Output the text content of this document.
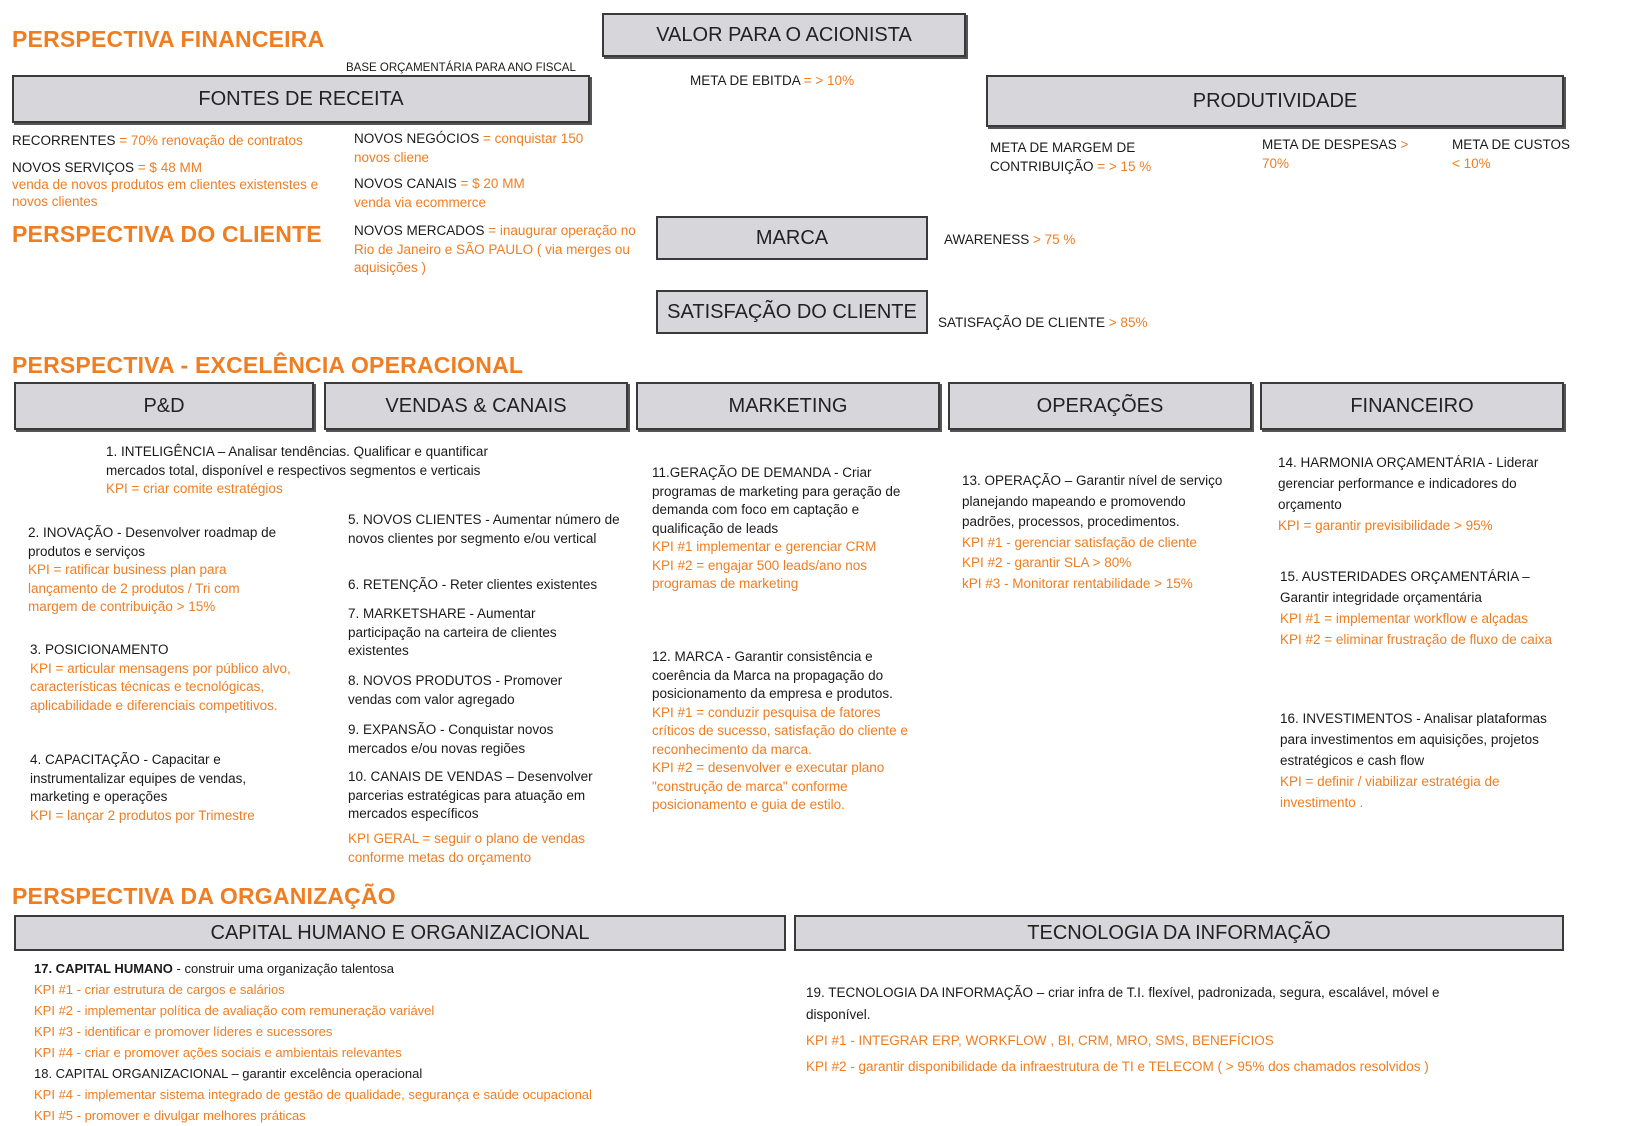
PERSPECTIVA FINANCEIRA	VALOR PARA O ACIONISTA
BASE ORÇAMENTÁRIA PARA ANO FISCAL
META DE EBITDA = > 10%
FONTES DE RECEITA	PRODUTIVIDADE
RECORRENTES = 70% renovação de contratos
NOVOS SERVIÇOS = $ 48 MM
venda de novos produtos em clientes existenstes e novos clientes
NOVOS NEGÓCIOS = conquistar 150 novos cliene
NOVOS CANAIS = $ 20 MM
venda via ecommerce
META DE MARGEM DE CONTRIBUIÇÃO = > 15 %
META DE DESPESAS > 70%
META DE CUSTOS < 10%
PERSPECTIVA DO CLIENTE NOVOS MERCADOS = inaugurar operação no Rio de Janeiro e SÃO PAULO ( via merges ou aquisições )
MARCA	AWARENESS > 75 %
SATISFAÇÃO DO CLIENTE	SATISFAÇÃO DE CLIENTE > 85%
PERSPECTIVA - EXCELÊNCIA OPERACIONAL
P&D	VENDAS & CANAIS	MARKETING	OPERAÇÕES	FINANCEIRO
1. INTELIGÊNCIA – Analisar tendências. Qualificar e quantificar mercados total, disponível e respectivos segmentos e verticais
KPI = criar comite estratégios
2. INOVAÇÃO - Desenvolver roadmap de produtos e serviços
KPI = ratificar business plan para lançamento de 2 produtos / Tri com margem de contribuição > 15%
3. POSICIONAMENTO
KPI = articular mensagens por público alvo, características técnicas e tecnológicas, aplicabilidade e diferenciais competitivos.
4. CAPACITAÇÃO - Capacitar e instrumentalizar equipes de vendas, marketing e operações
KPI = lançar 2 produtos por Trimestre
5. NOVOS CLIENTES - Aumentar número de novos clientes por segmento e/ou vertical
6. RETENÇÃO - Reter clientes existentes
7. MARKETSHARE - Aumentar participação na carteira de clientes existentes
8. NOVOS PRODUTOS - Promover vendas com valor agregado
9. EXPANSÃO - Conquistar novos mercados e/ou novas regiões
10. CANAIS DE VENDAS – Desenvolver parcerias estratégicas para atuação em mercados específicos
KPI GERAL = seguir o plano de vendas conforme metas do orçamento
11.GERAÇÃO DE DEMANDA - Criar programas de marketing para geração de demanda com foco em captação e qualificação de leads
KPI #1 implementar e gerenciar CRM
KPI #2 = engajar 500 leads/ano nos programas de marketing
12. MARCA - Garantir consistência e coerência da Marca na propagação do posicionamento da empresa e produtos.
KPI #1 = conduzir pesquisa de fatores críticos de sucesso, satisfação do cliente e reconhecimento da marca.
KPI #2 = desenvolver e executar plano "construção de marca" conforme posicionamento e guia de estilo.
13. OPERAÇÃO – Garantir nível de serviço planejando mapeando e promovendo padrões, processos, procedimentos.
KPI #1 - gerenciar satisfação de cliente
KPI #2 - garantir SLA > 80%
kPI #3 - Monitorar rentabilidade > 15%
14. HARMONIA ORÇAMENTÁRIA - Liderar gerenciar performance e indicadores do orçamento
KPI = garantir previsibilidade > 95%
15. AUSTERIDADES ORÇAMENTÁRIA – Garantir integridade orçamentária
KPI #1 = implementar workflow e alçadas
KPI #2 = eliminar frustração de fluxo de caixa
16. INVESTIMENTOS - Analisar plataformas para investimentos em aquisições, projetos estratégicos e cash flow
KPI = definir / viabilizar estratégia de investimento .
PERSPECTIVA DA ORGANIZAÇÃO
CAPITAL HUMANO E ORGANIZACIONAL	TECNOLOGIA DA INFORMAÇÃO
17. CAPITAL HUMANO - construir uma organização talentosa
KPI #1 - criar estrutura de cargos e salários
KPI #2 - implementar política de avaliação com remuneração variável
KPI #3 - identificar e promover líderes e sucessores
KPI #4 - criar e promover ações sociais e ambientais relevantes
18. CAPITAL ORGANIZACIONAL – garantir excelência operacional
KPI #4 - implementar sistema integrado de gestão de qualidade, segurança e saúde ocupacional
KPI #5 - promover e divulgar melhores práticas
19. TECNOLOGIA DA INFORMAÇÃO – criar infra de T.I. flexível, padronizada, segura, escalável, móvel e disponível.
KPI #1 - INTEGRAR ERP, WORKFLOW , BI, CRM, MRO, SMS, BENEFÍCIOS
KPI #2 - garantir disponibilidade da infraestrutura de TI e TELECOM ( > 95% dos chamados resolvidos )
